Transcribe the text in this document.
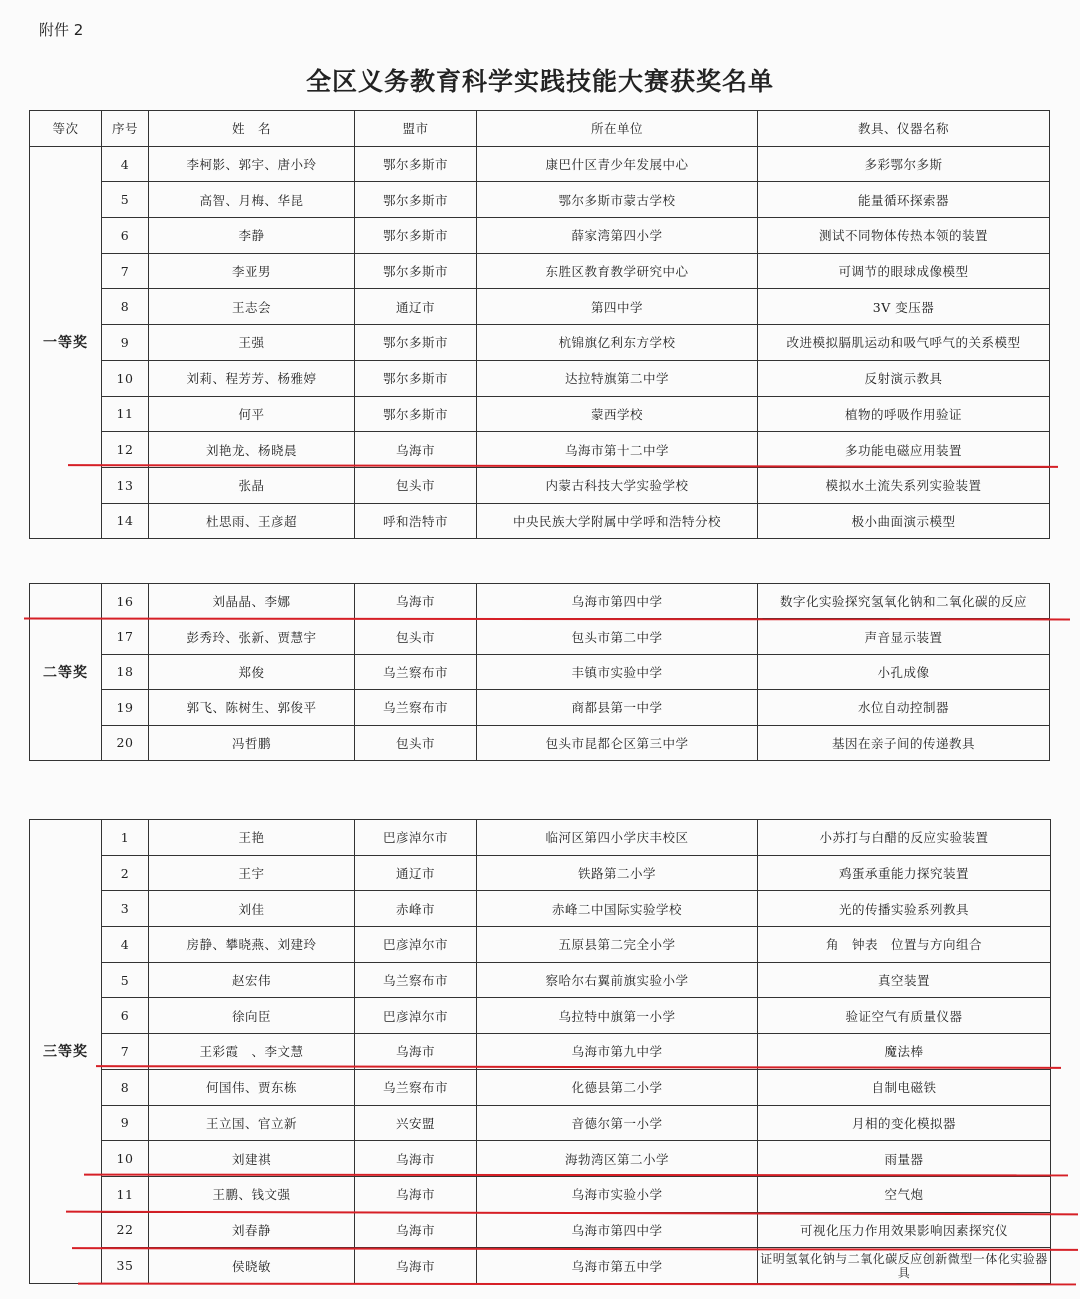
附件 2
全区义务教育科学实践技能大赛获奖名单
等次	序号	姓　名	盟市	所在单位	教具、仪器名称
一等奖	4	李柯影、郭宇、唐小玲	鄂尔多斯市	康巴什区青少年发展中心	多彩鄂尔多斯
	5	高智、月梅、华昆	鄂尔多斯市	鄂尔多斯市蒙古学校	能量循环探索器
	6	李静	鄂尔多斯市	薛家湾第四小学	测试不同物体传热本领的装置
	7	李亚男	鄂尔多斯市	东胜区教育教学研究中心	可调节的眼球成像模型
	8	王志会	通辽市	第四中学	3V 变压器
	9	王强	鄂尔多斯市	杭锦旗亿利东方学校	改进模拟膈肌运动和吸气呼气的关系模型
	10	刘莉、程芳芳、杨雅婷	鄂尔多斯市	达拉特旗第二中学	反射演示教具
	11	何平	鄂尔多斯市	蒙西学校	植物的呼吸作用验证
	12	刘艳龙、杨晓晨	乌海市	乌海市第十二中学	多功能电磁应用装置
	13	张晶	包头市	内蒙古科技大学实验学校	模拟水土流失系列实验装置
	14	杜思雨、王彦超	呼和浩特市	中央民族大学附属中学呼和浩特分校	极小曲面演示模型
二等奖	16	刘晶晶、李娜	乌海市	乌海市第四中学	数字化实验探究氢氧化钠和二氧化碳的反应
	17	彭秀玲、张新、贾慧宇	包头市	包头市第二中学	声音显示装置
	18	郑俊	乌兰察布市	丰镇市实验中学	小孔成像
	19	郭飞、陈树生、郭俊平	乌兰察布市	商都县第一中学	水位自动控制器
	20	冯哲鹏	包头市	包头市昆都仑区第三中学	基因在亲子间的传递教具
三等奖	1	王艳	巴彦淖尔市	临河区第四小学庆丰校区	小苏打与白醋的反应实验装置
	2	王宇	通辽市	铁路第二小学	鸡蛋承重能力探究装置
	3	刘佳	赤峰市	赤峰二中国际实验学校	光的传播实验系列教具
	4	房静、攀晓燕、刘建玲	巴彦淖尔市	五原县第二完全小学	角　钟表　位置与方向组合
	5	赵宏伟	乌兰察布市	察哈尔右翼前旗实验小学	真空装置
	6	徐向臣	巴彦淖尔市	乌拉特中旗第一小学	验证空气有质量仪器
	7	王彩霞　、李文慧	乌海市	乌海市第九中学	魔法棒
	8	何国伟、贾东栋	乌兰察布市	化德县第二小学	自制电磁铁
	9	王立国、官立新	兴安盟	音德尔第一小学	月相的变化模拟器
	10	刘建祺	乌海市	海勃湾区第二小学	雨量器
	11	王鹏、钱文强	乌海市	乌海市实验小学	空气炮
	22	刘春静	乌海市	乌海市第四中学	可视化压力作用效果影响因素探究仪
	35	侯晓敏	乌海市	乌海市第五中学	证明氢氧化钠与二氧化碳反应创新微型一体化实验器具
